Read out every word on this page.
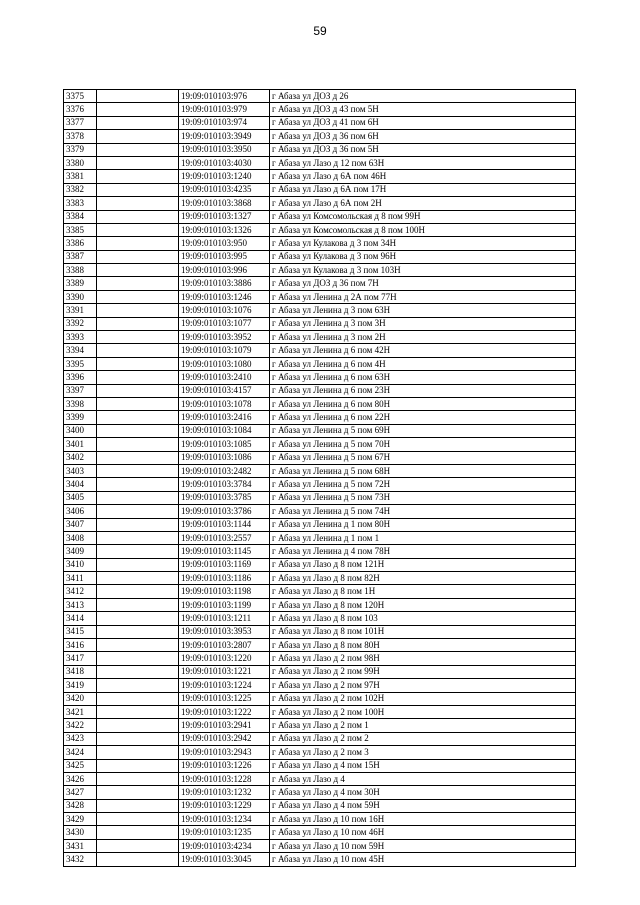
59
3375		19:09:010103:976	г Абаза ул ДОЗ д 26
3376		19:09:010103:979	г Абаза ул ДОЗ д 43 пом 5Н
3377		19:09:010103:974	г Абаза ул ДОЗ д 41 пом 6Н
3378		19:09:010103:3949	г Абаза ул ДОЗ д 36 пом 6Н
3379		19:09:010103:3950	г Абаза ул ДОЗ д 36 пом 5Н
3380		19:09:010103:4030	г Абаза ул Лазо д 12 пом 63Н
3381		19:09:010103:1240	г Абаза ул Лазо д 6А пом 46Н
3382		19:09:010103:4235	г Абаза ул Лазо д 6А пом 17Н
3383		19:09:010103:3868	г Абаза ул Лазо д 6А пом 2Н
3384		19:09:010103:1327	г Абаза ул Комсомольская д 8 пом 99Н
3385		19:09:010103:1326	г Абаза ул Комсомольская д 8 пом 100Н
3386		19:09:010103:950	г Абаза ул Кулакова д 3 пом 34Н
3387		19:09:010103:995	г Абаза ул Кулакова д 3 пом 96Н
3388		19:09:010103:996	г Абаза ул Кулакова д 3 пом 103Н
3389		19:09:010103:3886	г Абаза ул ДОЗ д 36 пом 7Н
3390		19:09:010103:1246	г Абаза ул Ленина д 2А пом 77Н
3391		19:09:010103:1076	г Абаза ул Ленина д 3 пом 63Н
3392		19:09:010103:1077	г Абаза ул Ленина д 3 пом 3Н
3393		19:09:010103:3952	г Абаза ул Ленина д 3 пом 2Н
3394		19:09:010103:1079	г Абаза ул Ленина д 6 пом 42Н
3395		19:09:010103:1080	г Абаза ул Ленина д 6 пом 4Н
3396		19:09:010103:2410	г Абаза ул Ленина д 6 пом 63Н
3397		19:09:010103:4157	г Абаза ул Ленина д 6 пом 23Н
3398		19:09:010103:1078	г Абаза ул Ленина д 6 пом 80Н
3399		19:09:010103:2416	г Абаза ул Ленина д 6 пом 22Н
3400		19:09:010103:1084	г Абаза ул Ленина д 5 пом 69Н
3401		19:09:010103:1085	г Абаза ул Ленина д 5 пом 70Н
3402		19:09:010103:1086	г Абаза ул Ленина д 5 пом 67Н
3403		19:09:010103:2482	г Абаза ул Ленина д 5 пом 68Н
3404		19:09:010103:3784	г Абаза ул Ленина д 5 пом 72Н
3405		19:09:010103:3785	г Абаза ул Ленина д 5 пом 73Н
3406		19:09:010103:3786	г Абаза ул Ленина д 5 пом 74Н
3407		19:09:010103:1144	г Абаза ул Ленина д 1 пом 80Н
3408		19:09:010103:2557	г Абаза ул Ленина д 1 пом 1
3409		19:09:010103:1145	г Абаза ул Ленина д 4 пом 78Н
3410		19:09:010103:1169	г Абаза ул Лазо д 8 пом 121Н
3411		19:09:010103:1186	г Абаза ул Лазо д 8 пом 82Н
3412		19:09:010103:1198	г Абаза ул Лазо д 8 пом 1Н
3413		19:09:010103:1199	г Абаза ул Лазо д 8 пом 120Н
3414		19:09:010103:1211	г Абаза ул Лазо д 8 пом 103
3415		19:09:010103:3953	г Абаза ул Лазо д 8 пом 101Н
3416		19:09:010103:2807	г Абаза ул Лазо д 8 пом 80Н
3417		19:09:010103:1220	г Абаза ул Лазо д 2 пом 98Н
3418		19:09:010103:1221	г Абаза ул Лазо д 2 пом 99Н
3419		19:09:010103:1224	г Абаза ул Лазо д 2 пом 97Н
3420		19:09:010103:1225	г Абаза ул Лазо д 2 пом 102Н
3421		19:09:010103:1222	г Абаза ул Лазо д 2 пом 100Н
3422		19:09:010103:2941	г Абаза ул Лазо д 2 пом 1
3423		19:09:010103:2942	г Абаза ул Лазо д 2 пом 2
3424		19:09:010103:2943	г Абаза ул Лазо д 2 пом 3
3425		19:09:010103:1226	г Абаза ул Лазо д 4 пом 15Н
3426		19:09:010103:1228	г Абаза ул Лазо д 4
3427		19:09:010103:1232	г Абаза ул Лазо д 4 пом 30Н
3428		19:09:010103:1229	г Абаза ул Лазо д 4 пом 59Н
3429		19:09:010103:1234	г Абаза ул Лазо д 10 пом 16Н
3430		19:09:010103:1235	г Абаза ул Лазо д 10 пом 46Н
3431		19:09:010103:4234	г Абаза ул Лазо д 10 пом 59Н
3432		19:09:010103:3045	г Абаза ул Лазо д 10 пом 45Н
